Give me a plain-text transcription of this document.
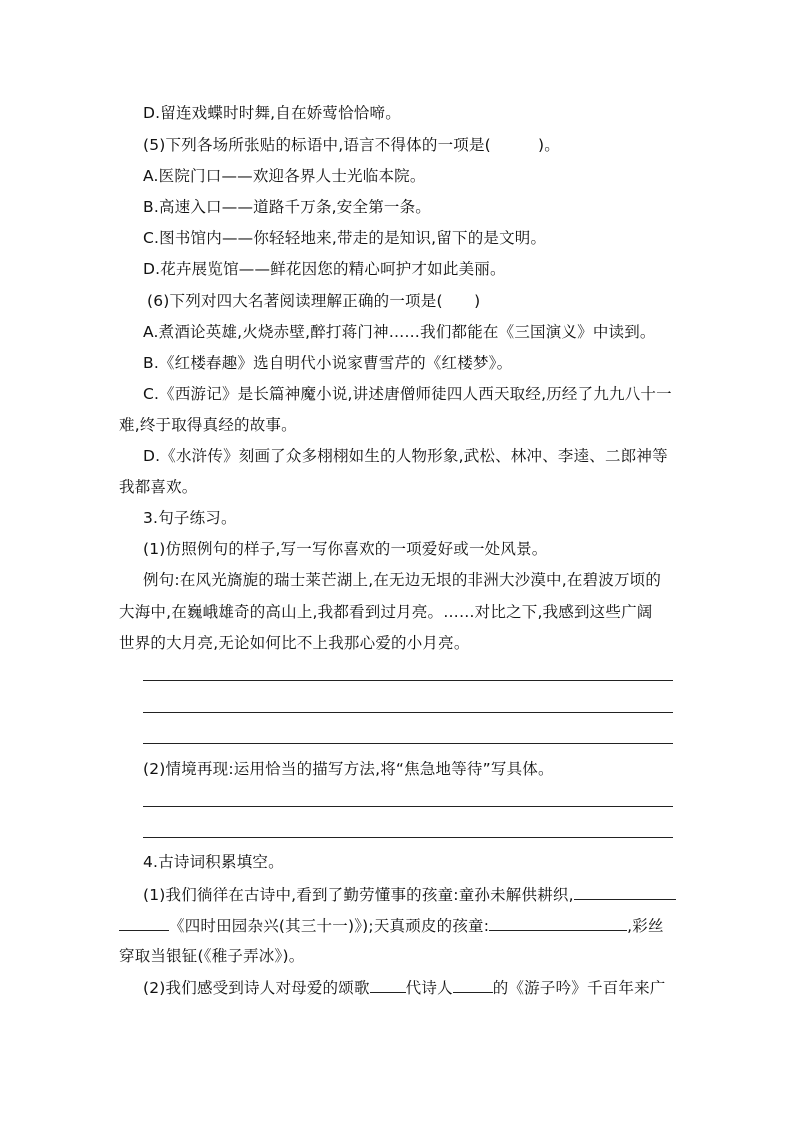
D.留连戏蝶时时舞,自在娇莺恰恰啼。
(5)下列各场所张贴的标语中,语言不得体的一项是(　　　)。
A.医院门口——欢迎各界人士光临本院。
B.高速入口——道路千万条,安全第一条。
C.图书馆内——你轻轻地来,带走的是知识,留下的是文明。
D.花卉展览馆——鲜花因您的精心呵护才如此美丽。
(6)下列对四大名著阅读理解正确的一项是(　　)
A.煮酒论英雄,火烧赤壁,醉打蒋门神……我们都能在《三国演义》中读到。
B.《红楼春趣》选自明代小说家曹雪芹的《红楼梦》。
C.《西游记》是长篇神魔小说,讲述唐僧师徒四人西天取经,历经了九九八十一
难,终于取得真经的故事。
D.《水浒传》刻画了众多栩栩如生的人物形象,武松、林冲、李逵、二郎神等
我都喜欢。
3.句子练习。
(1)仿照例句的样子,写一写你喜欢的一项爱好或一处风景。
例句:在风光旖旎的瑞士莱芒湖上,在无边无垠的非洲大沙漠中,在碧波万顷的
大海中,在巍峨雄奇的高山上,我都看到过月亮。……对比之下,我感到这些广阔
世界的大月亮,无论如何比不上我那心爱的小月亮。
(2)情境再现:运用恰当的描写方法,将“焦急地等待”写具体。
4.古诗词积累填空。
(1)我们徜徉在古诗中,看到了勤劳懂事的孩童:童孙未解供耕织,
《四时田园杂兴(其三十一)》);天真顽皮的孩童:	,彩丝
穿取当银钲(《稚子弄冰》)。
(2)我们感受到诗人对母爱的颂歌 代诗人	的《游子吟》千百年来广
